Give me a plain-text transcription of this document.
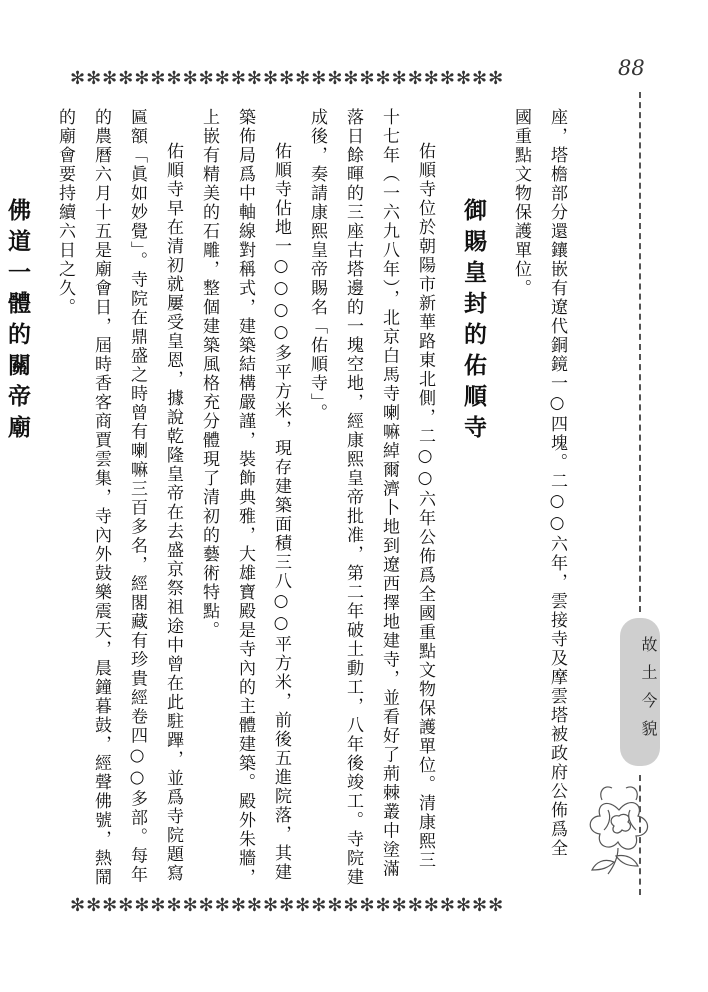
88
✻✻✻✻✻✻✻✻✻✻✻✻✻✻✻✻✻✻✻✻✻✻✻✻✻✻✻
故土今貌

座，塔檐部分還鑲嵌有遼代銅鏡一○四塊。二○○六年，雲接寺及摩雲塔被政府公佈爲全

國重點文物保護單位。

御賜皇封的佑順寺

佑順寺位於朝陽市新華路東北側，二○○六年公佈爲全國重點文物保護單位。清康熙三十七年（一六九八年），北京白馬寺喇嘛綽爾濟卜地到遼西擇地建寺，並看好了荊棘叢中塗滿落日餘暉的三座古塔邊的一塊空地，經康熙皇帝批准，第二年破土動工，八年後竣工。寺院建成後，奏請康熙皇帝賜名「佑順寺」。

佑順寺佔地一○○○○多平方米，現存建築面積三八○○平方米，前後五進院落，其建築佈局爲中軸線對稱式，建築結構嚴謹，裝飾典雅，大雄寶殿是寺內的主體建築。殿外朱牆，上嵌有精美的石雕，整個建築風格充分體現了清初的藝術特點。

佑順寺早在清初就屢受皇恩，據說乾隆皇帝在去盛京祭祖途中曾在此駐蹕，並爲寺院題寫匾額「眞如妙覺」。寺院在鼎盛之時曾有喇嘛三百多名，經閣藏有珍貴經卷四○○多部。每年的農曆六月十五是廟會日，屆時香客商賈雲集，寺內外鼓樂震天，晨鐘暮鼓，經聲佛號，熱鬧的廟會要持續六日之久。

佛道一體的關帝廟

✻✻✻✻✻✻✻✻✻✻✻✻✻✻✻✻✻✻✻✻✻✻✻✻✻✻✻
